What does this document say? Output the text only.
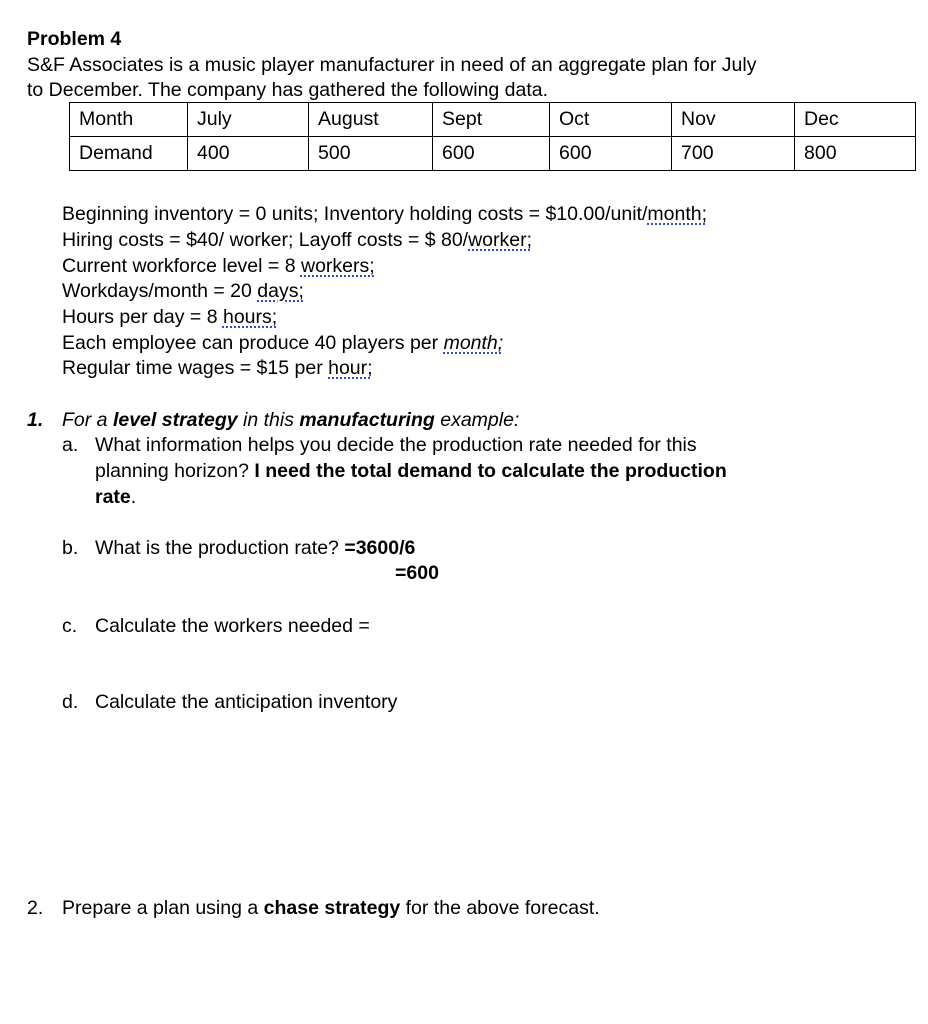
Problem 4
S&F Associates is a music player manufacturer in need of an aggregate plan for July
to December. The company has gathered the following data.
Month	July	August	Sept	Oct	Nov	Dec
Demand	400	500	600	600	700	800
Beginning inventory = 0 units; Inventory holding costs = $10.00/unit/month;
Hiring costs = $40/ worker; Layoff costs = $ 80/worker;
Current workforce level = 8 workers;
Workdays/month = 20 days;
Hours per day = 8 hours;
Each employee can produce 40 players per month;
Regular time wages = $15 per hour;
1. For a level strategy in this manufacturing example:
a. What information helps you decide the production rate needed for this
planning horizon? I need the total demand to calculate the production
rate.
b. What is the production rate? =3600/6
=600
c. Calculate the workers needed =
d. Calculate the anticipation inventory
2. Prepare a plan using a chase strategy for the above forecast.
